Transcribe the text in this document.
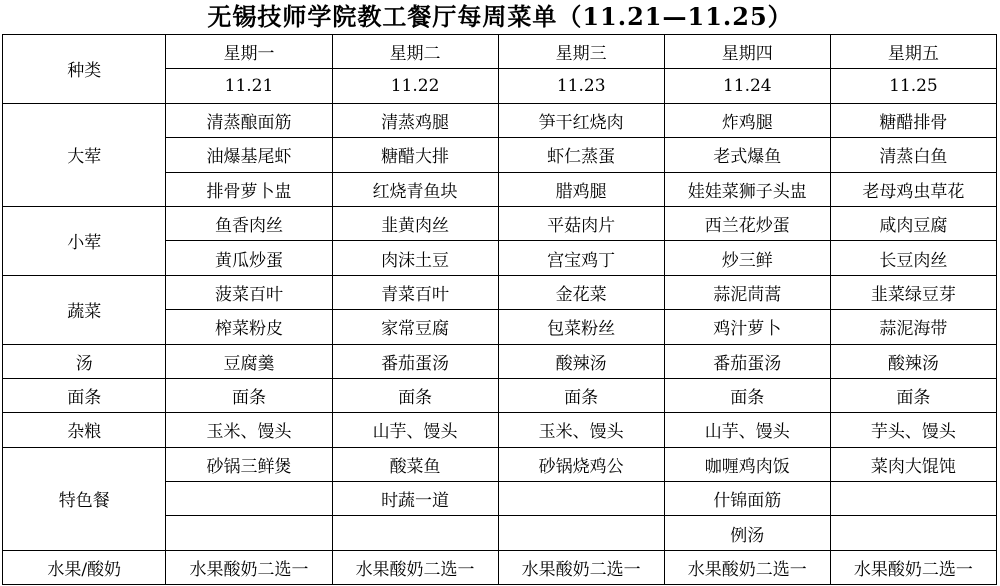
无锡技师学院教工餐厅每周菜单（11.21—11.25）
种类	星期一	星期二	星期三	星期四	星期五
	11.21	11.22	11.23	11.24	11.25
大荤	清蒸酿面筋	清蒸鸡腿	笋干红烧肉	炸鸡腿	糖醋排骨
	油爆基尾虾	糖醋大排	虾仁蒸蛋	老式爆鱼	清蒸白鱼
	排骨萝卜盅	红烧青鱼块	腊鸡腿	娃娃菜狮子头盅	老母鸡虫草花
小荤	鱼香肉丝	韭黄肉丝	平菇肉片	西兰花炒蛋	咸肉豆腐
	黄瓜炒蛋	肉沫土豆	宫宝鸡丁	炒三鲜	长豆肉丝
蔬菜	菠菜百叶	青菜百叶	金花菜	蒜泥茼蒿	韭菜绿豆芽
	榨菜粉皮	家常豆腐	包菜粉丝	鸡汁萝卜	蒜泥海带
汤	豆腐羹	番茄蛋汤	酸辣汤	番茄蛋汤	酸辣汤
面条	面条	面条	面条	面条	面条
杂粮	玉米、馒头	山芋、馒头	玉米、馒头	山芋、馒头	芋头、馒头
特色餐	砂锅三鲜煲	酸菜鱼	砂锅烧鸡公	咖喱鸡肉饭	菜肉大馄饨
		时蔬一道		什锦面筋	
				例汤	
水果/酸奶	水果酸奶二选一	水果酸奶二选一	水果酸奶二选一	水果酸奶二选一	水果酸奶二选一
